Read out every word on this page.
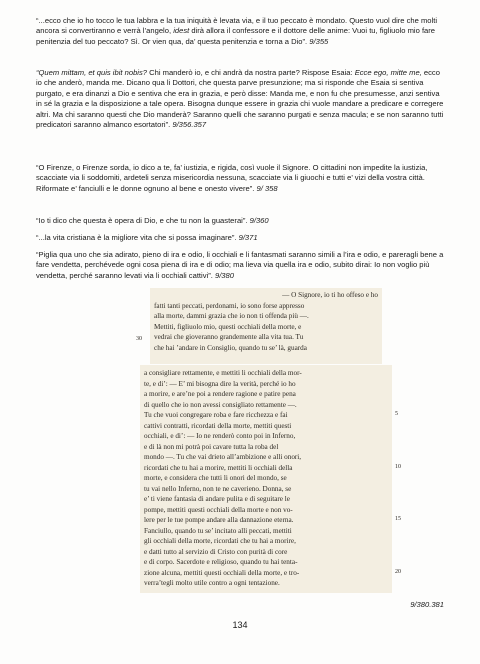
“...ecco che io ho tocco le tua labbra e la tua iniquità è levata via, e il tuo peccato è mondato. Questo vuol dire che molti ancora si convertiranno e verrà l’angelo, idest dirà allora il confessore e il dottore delle anime: Vuoi tu, figliuolo mio fare penitenzia del tuo peccato? Sì. Or vien qua, da’ questa penitenzia e torna a Dio”. 9/355

“Quem mittam, et quis ibit nobis? Chi manderò io, e chi andrà da nostra parte? Rispose Esaia: Ecce ego, mitte me, ecco io che anderò, manda me. Dicano qua li Dottori, che questa parve presunzione; ma si risponde che Esaia si sentiva purgato, e era dinanzi a Dio e sentiva che era in grazia, e però disse: Manda me, e non fu che presumesse, anzi sentiva in sé la grazia e la disposizione a tale opera. Bisogna dunque essere in grazia chi vuole mandare a predicare e corregere altri. Ma chi saranno questi che Dio manderà? Saranno quelli che saranno purgati e senza macula; e se non saranno tutti predicatori saranno almanco esortatori”. 9/356.357

“O Firenze, o Firenze sorda, io dico a te, fa’ iustizia, e rigida, così vuole il Signore. O cittadini non impedite la iustizia, scacciate via li soddomiti, ardeteli senza misericordia nessuna, scacciate via li giuochi e tutti e’ vizi della vostra città. Riformate e’ fanciulli e le donne ognuno al bene e onesto vivere”. 9/ 358

“Io ti dico che questa è opera di Dio, e che tu non la guasterai”. 9/360

“...la vita cristiana è la migliore vita che si possa imaginare”. 9/371

“Piglia qua uno che sia adirato, pieno di ira e odio, li occhiali e li fantasmati saranno simili a l’ira e odio, e pareragli bene a fare vendetta, perchévede ogni cosa piena di ira e di odio; ma lieva via quella ira e odio, subito dirai: Io non voglio più vendetta, perché saranno levati via li occhiali cattivi”. 9/380

— O Signore, io ti ho offeso e ho
fatti tanti peccati, perdonami, io sono forse appresso
alla morte, dammi grazia che io non ti offenda più —.
Mettiti, figliuolo mio, questi occhiali della morte, e
vedrai che gioveranno grandemente alla vita tua. Tu
che hai ’andare in Consiglio, quando tu se’ là, guarda
30
a consigliare rettamente, e mettiti li occhiali della mor-
te, e di’: — E’ mi bisogna dire la verità, perché io ho
a morire, e are’ne poi a rendere ragione e patire pena
di quello che io non avessi consigliato rettamente —.
Tu che vuoi congregare roba e fare ricchezza e fai
cattivi contratti, ricordati della morte, mettiti questi
occhiali, e di’: — Io ne renderò conto poi in Inferno,
e di là non mi potrà poi cavare tutta la roba del
mondo —. Tu che vai drieto all’ambizione e alli onori,
ricordati che tu hai a morire, mettiti li occhiali della
morte, e considera che tutti li onori del mondo, se
tu vai nello Inferno, non te ne caverieno. Donna, se
e’ ti viene fantasia di andare pulita e di seguitare le
pompe, mettiti questi occhiali della morte e non vo-
lere per le tue pompe andare alla dannazione eterna.
Fanciullo, quando tu se’ incitato alli peccati, mettiti
gli occhiali della morte, ricordati che tu hai a morire,
e datti tutto al servizio di Cristo con purità di core
e di corpo. Sacerdote e religioso, quando tu hai tenta-
zione alcuna, mettiti questi occhiali della morte, e tro-
verra’tegli molto utile contro a ogni tentazione.
5
10
15
20
9/380.381
134
